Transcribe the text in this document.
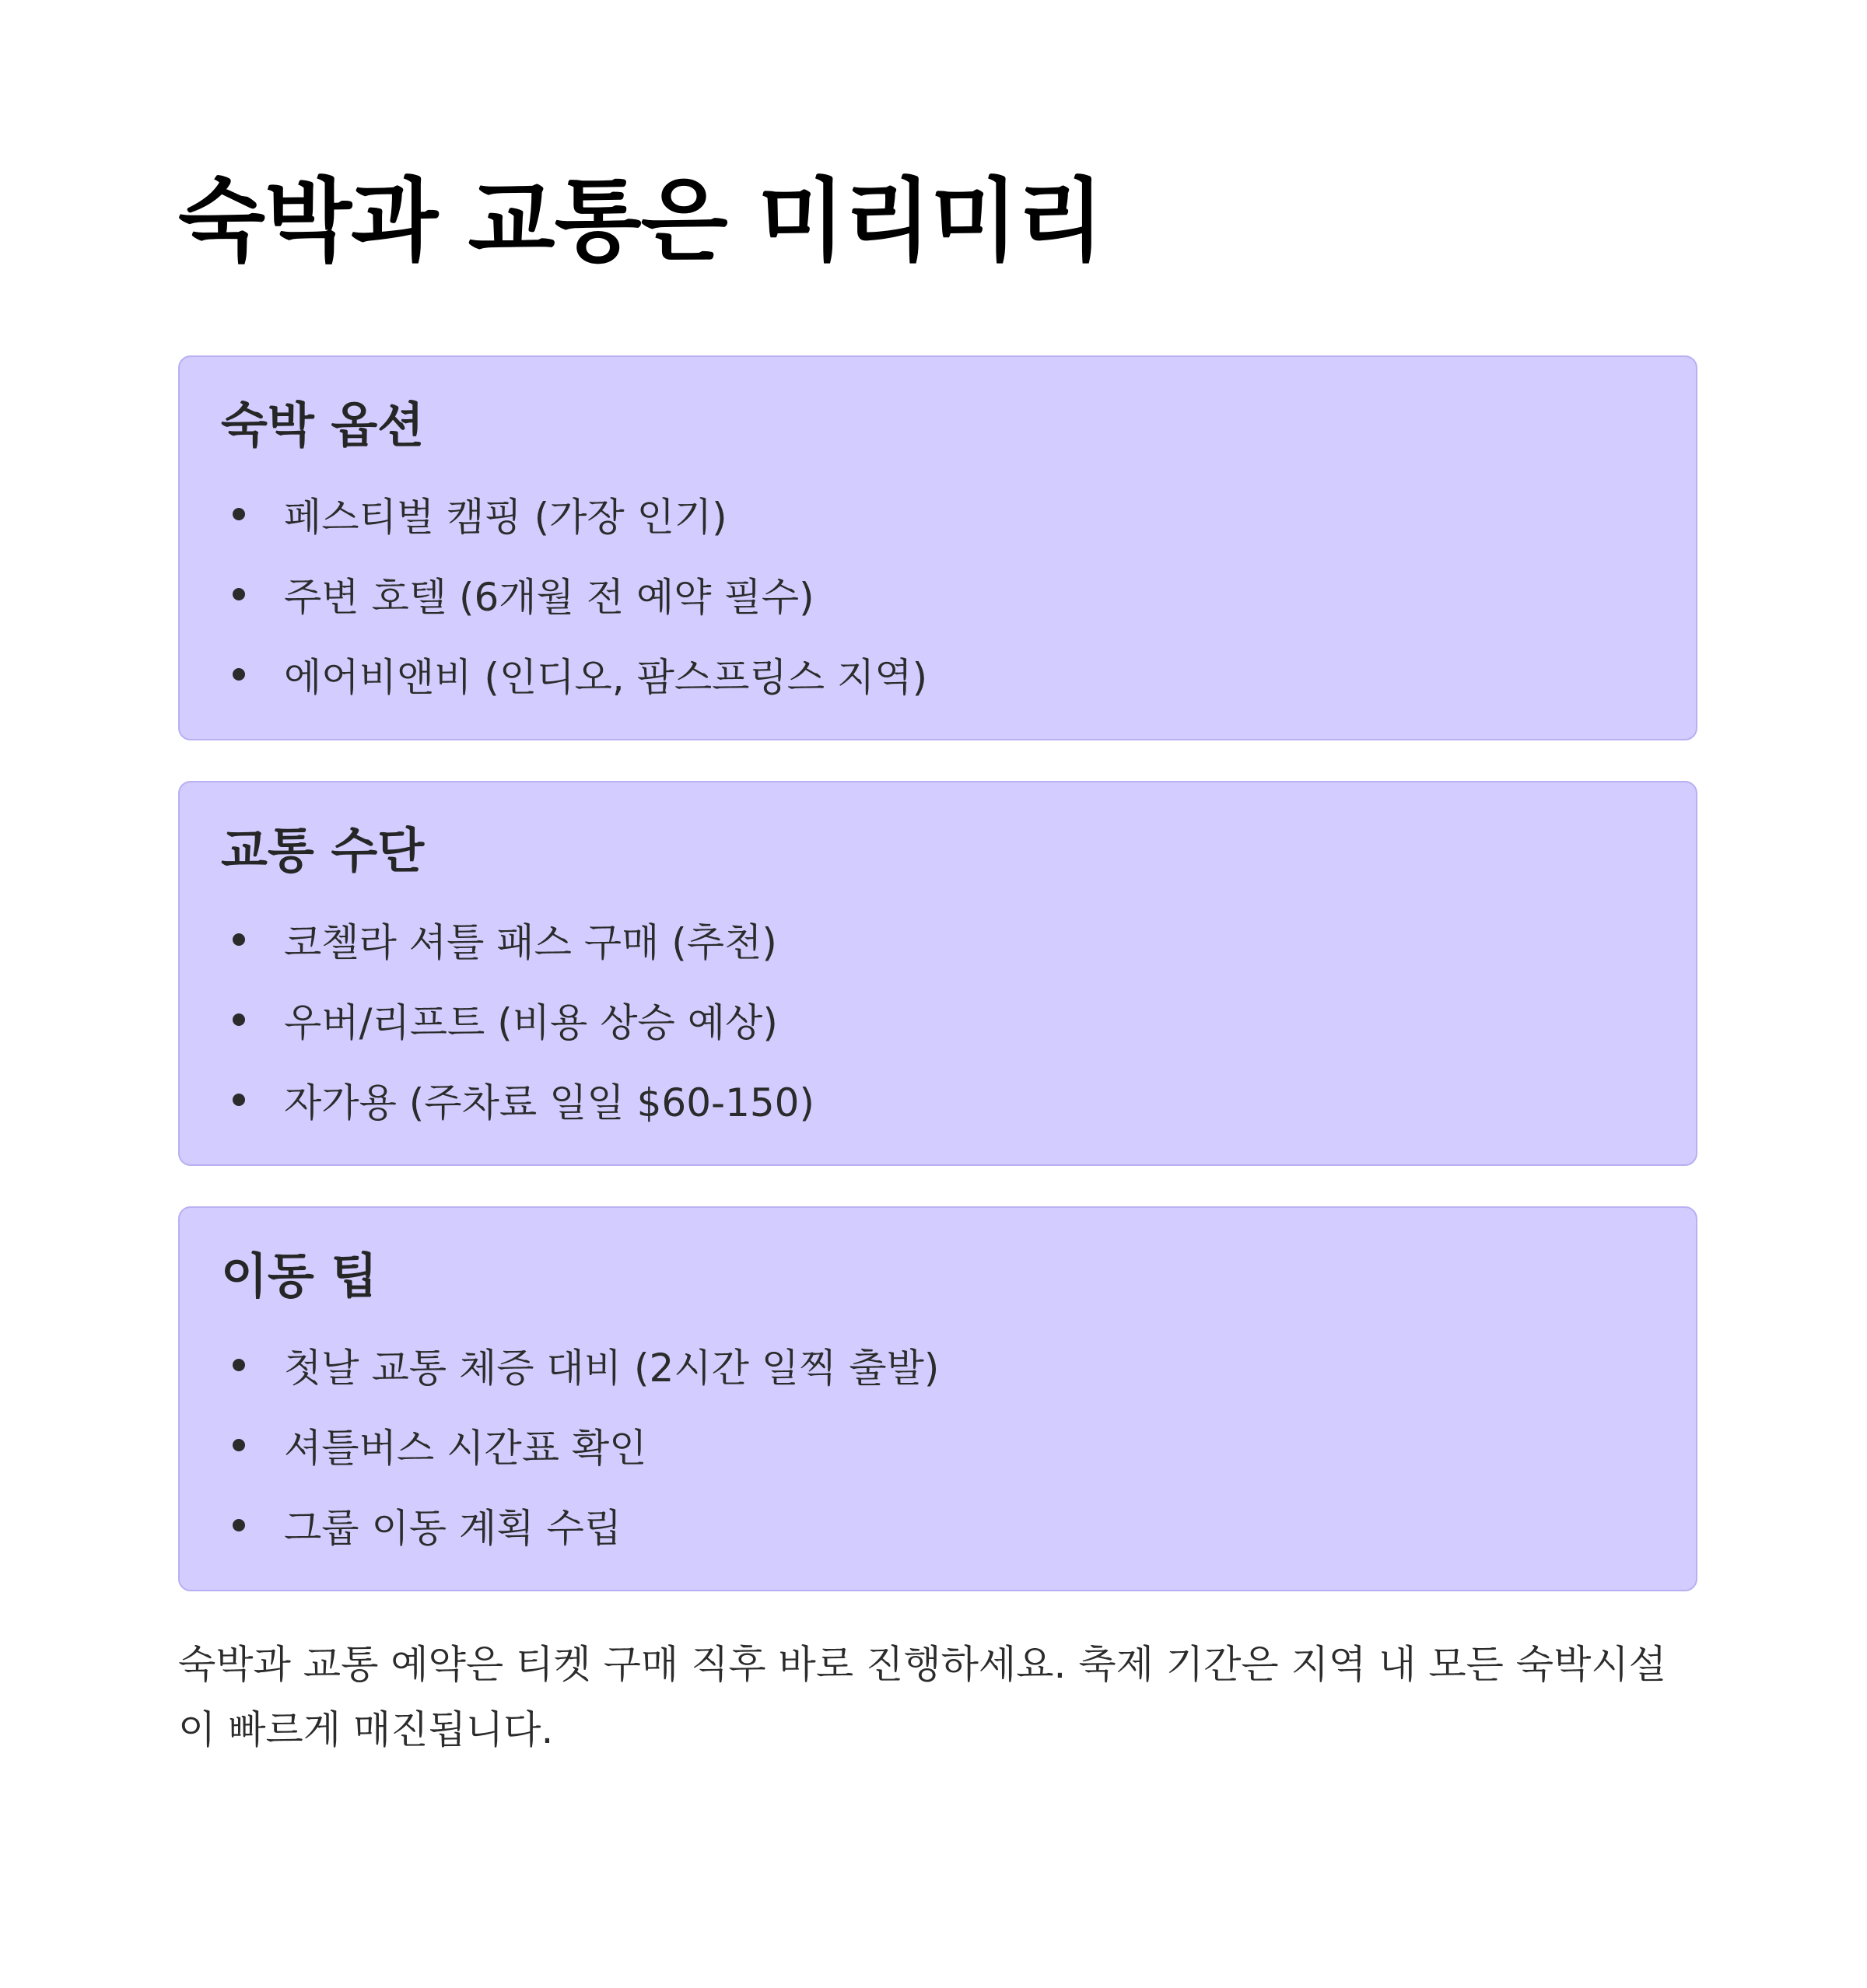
숙박과 교통은 미리미리
숙박 옵션
페스티벌 캠핑 (가장 인기)
주변 호텔 (6개월 전 예약 필수)
에어비앤비 (인디오, 팜스프링스 지역)
교통 수단
코첼라 셔틀 패스 구매 (추천)
우버/리프트 (비용 상승 예상)
자가용 (주차료 일일 $60-150)
이동 팁
첫날 교통 체증 대비 (2시간 일찍 출발)
셔틀버스 시간표 확인
그룹 이동 계획 수립

숙박과 교통 예약은 티켓 구매 직후 바로 진행하세요. 축제 기간은 지역 내 모든 숙박시설이 빠르게 매진됩니다.
